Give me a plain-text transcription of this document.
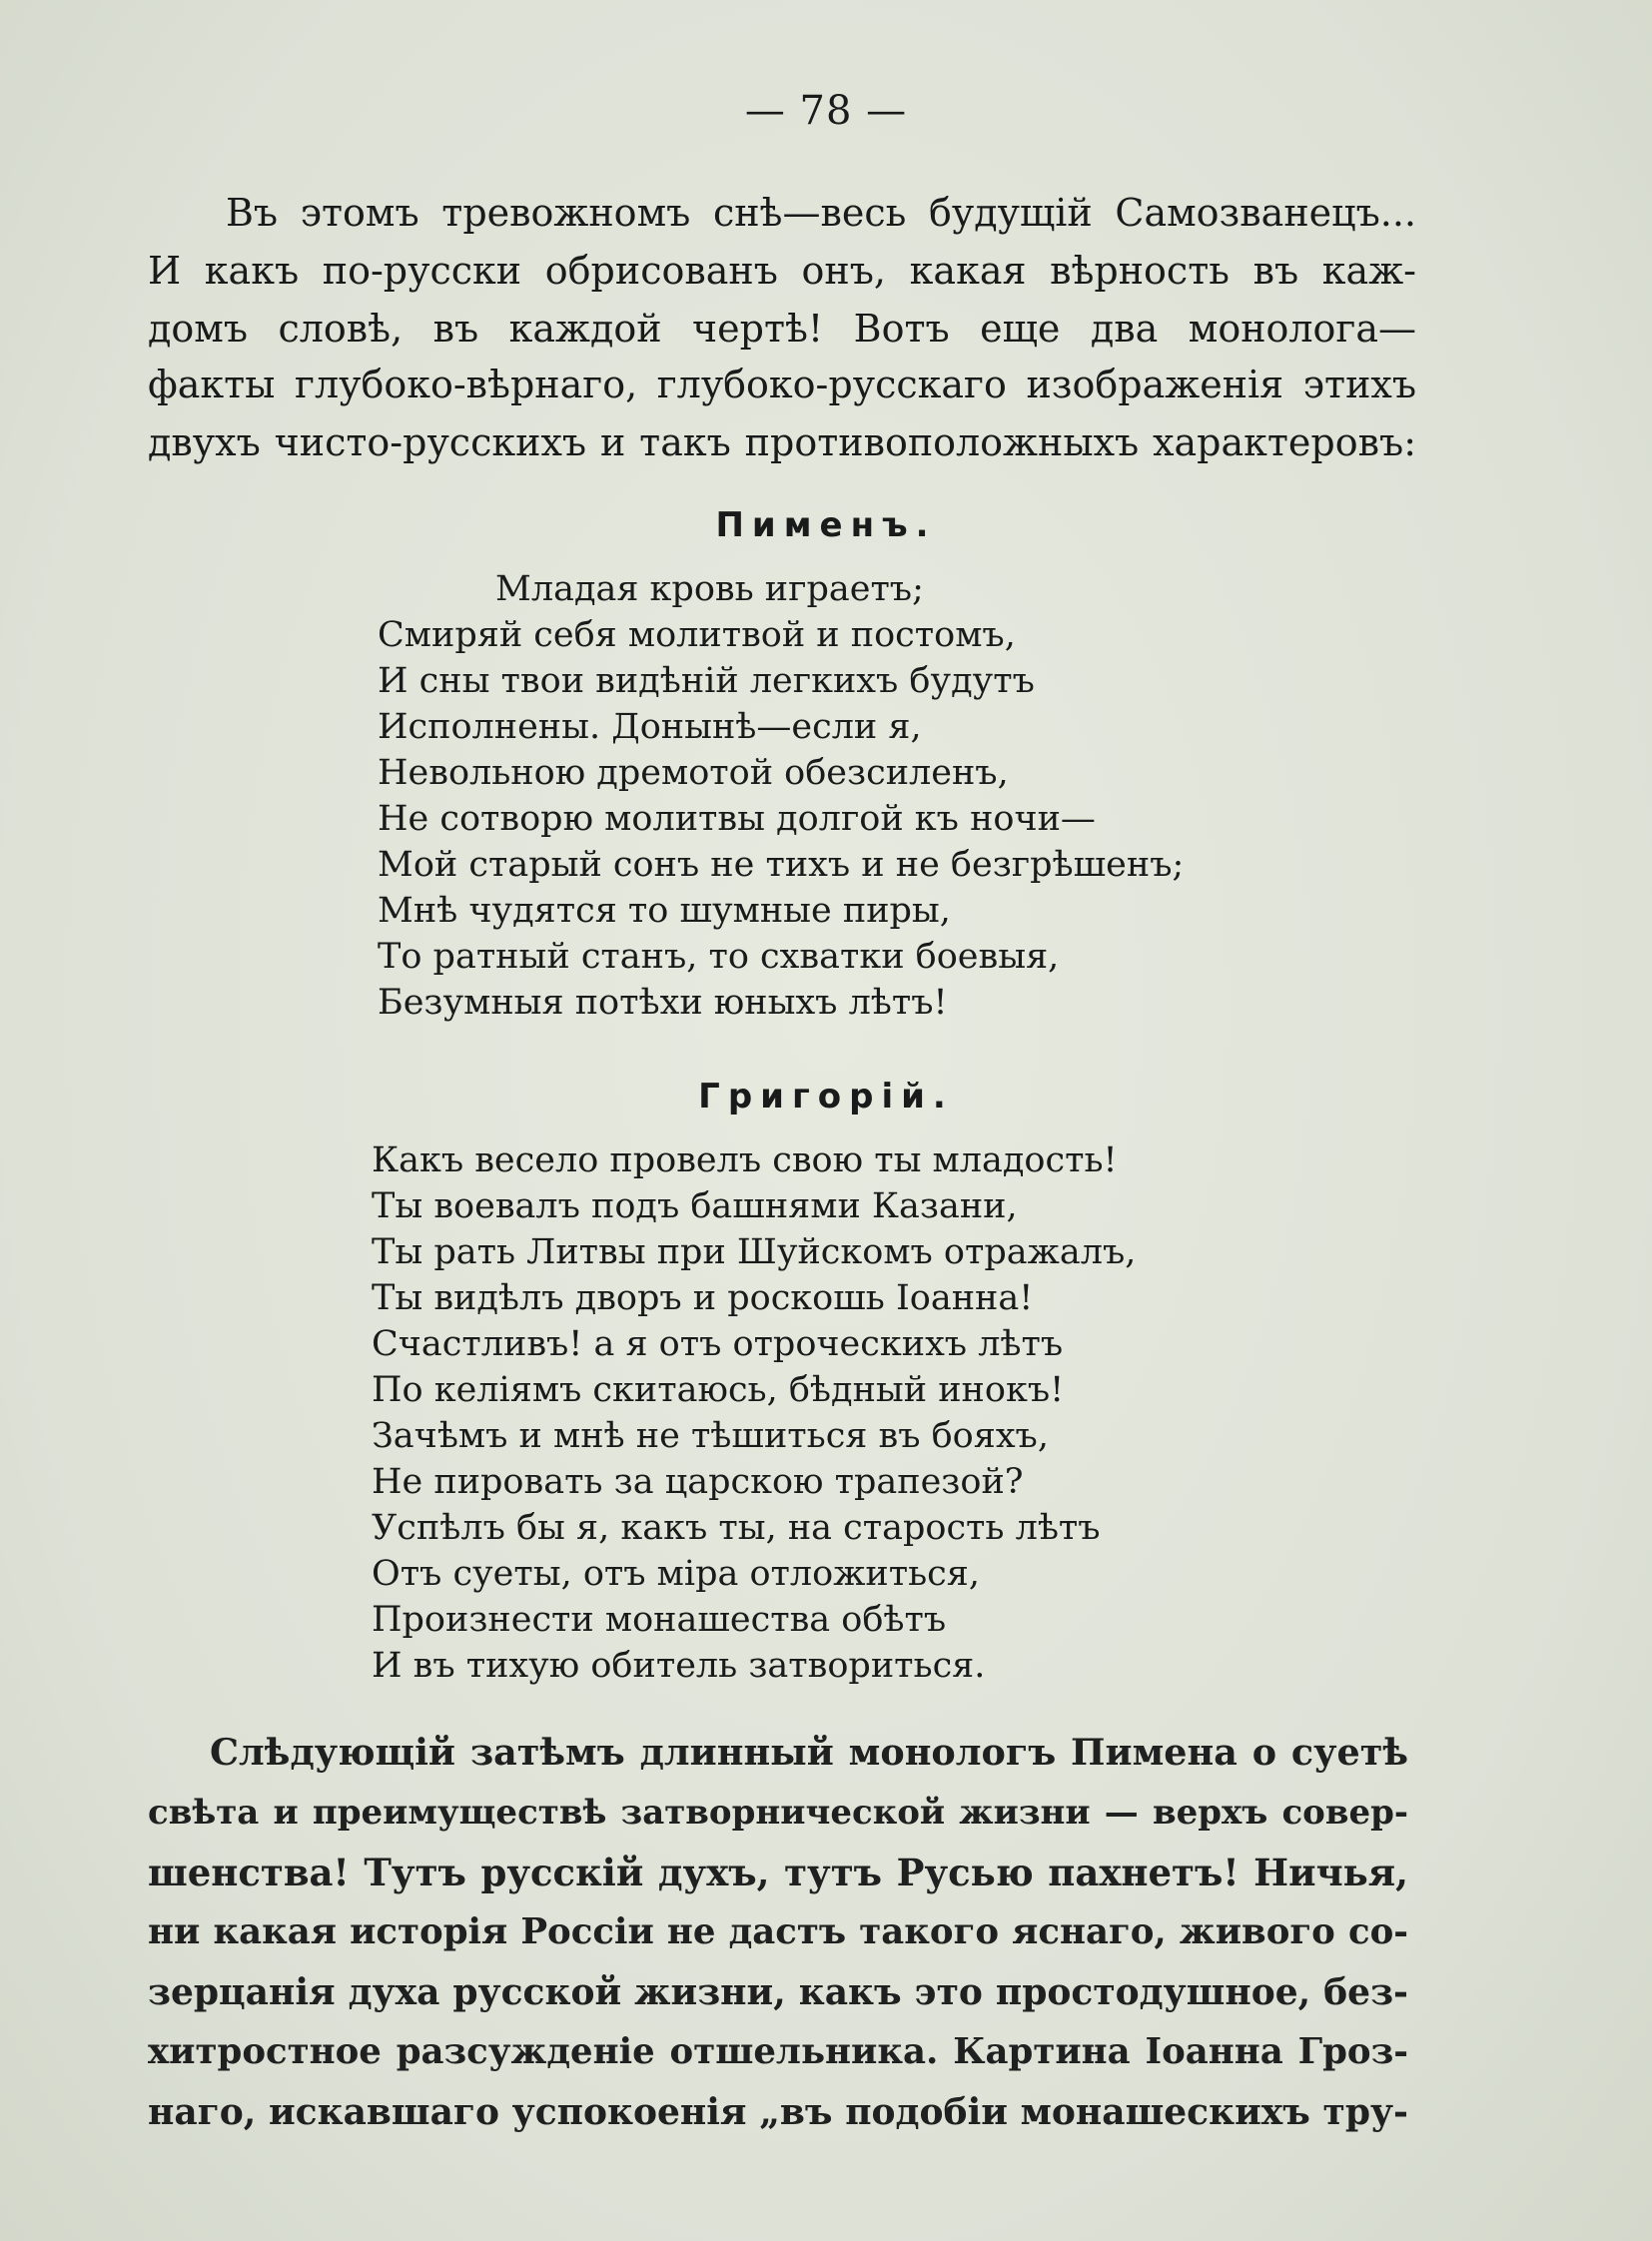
— 78 —
Въ этомъ тревожномъ снѣ—весь будущій Самозванецъ...
И какъ по-русски обрисованъ онъ, какая вѣрность въ каж-
домъ словѣ, въ каждой чертѣ! Вотъ еще два монолога—
факты глубоко-вѣрнаго, глубоко-русскаго изображенія этихъ
двухъ чисто-русскихъ и такъ противоположныхъ характеровъ:
Пименъ.
Младая кровь играетъ;
Смиряй себя молитвой и постомъ,
И сны твои видѣній легкихъ будутъ
Исполнены. Донынѣ—если я,
Невольною дремотой обезсиленъ,
Не сотворю молитвы долгой къ ночи—
Мой старый сонъ не тихъ и не безгрѣшенъ;
Мнѣ чудятся то шумные пиры,
То ратный станъ, то схватки боевыя,
Безумныя потѣхи юныхъ лѣтъ!
Григорій.
Какъ весело провелъ свою ты младость!
Ты воевалъ подъ башнями Казани,
Ты рать Литвы при Шуйскомъ отражалъ,
Ты видѣлъ дворъ и роскошь Іоанна!
Счастливъ! а я отъ отроческихъ лѣтъ
По келіямъ скитаюсь, бѣдный инокъ!
Зачѣмъ и мнѣ не тѣшиться въ бояхъ,
Не пировать за царскою трапезой?
Успѣлъ бы я, какъ ты, на старость лѣтъ
Отъ суеты, отъ міра отложиться,
Произнести монашества обѣтъ
И въ тихую обитель затвориться.
Слѣдующій затѣмъ длинный монологъ Пимена о суетѣ
свѣта и преимуществѣ затворнической жизни — верхъ совер-
шенства! Тутъ русскій духъ, тутъ Русью пахнетъ! Ничья,
ни какая исторія Россіи не дастъ такого яснаго, живого со-
зерцанія духа русской жизни, какъ это простодушное, без-
хитростное разсужденіе отшельника. Картина Іоанна Гроз-
наго, искавшаго успокоенія „въ подобіи монашескихъ тру-
